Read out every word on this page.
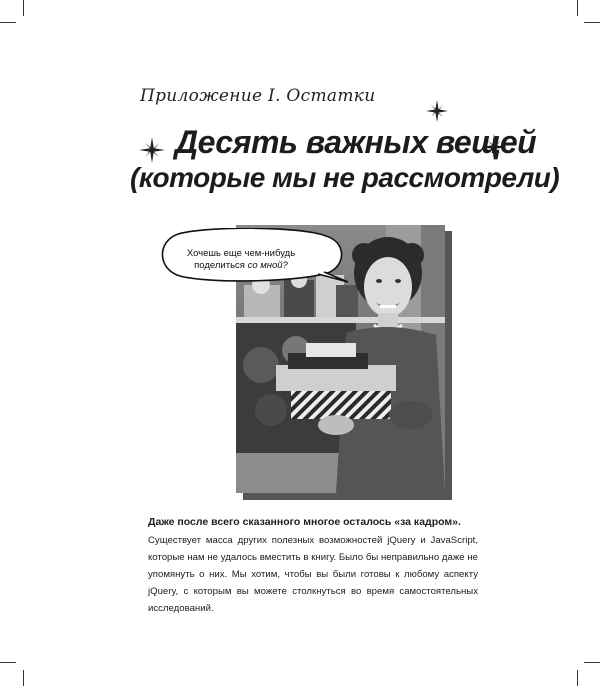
Приложение I. Остатки
Десять важных вещей
(которые мы не рассмотрели)
Хочешь еще чем-нибудь
поделиться со мной?

Даже после всего сказанного многое осталось «за кадром».
Существует масса других полезных возможностей jQuery и JavaScript, которые нам не удалось вместить в книгу. Было бы неправильно даже не упомянуть о них. Мы хотим, чтобы вы были готовы к любому аспекту jQuery, с которым вы можете столкнуться во время самостоятельных исследований.
